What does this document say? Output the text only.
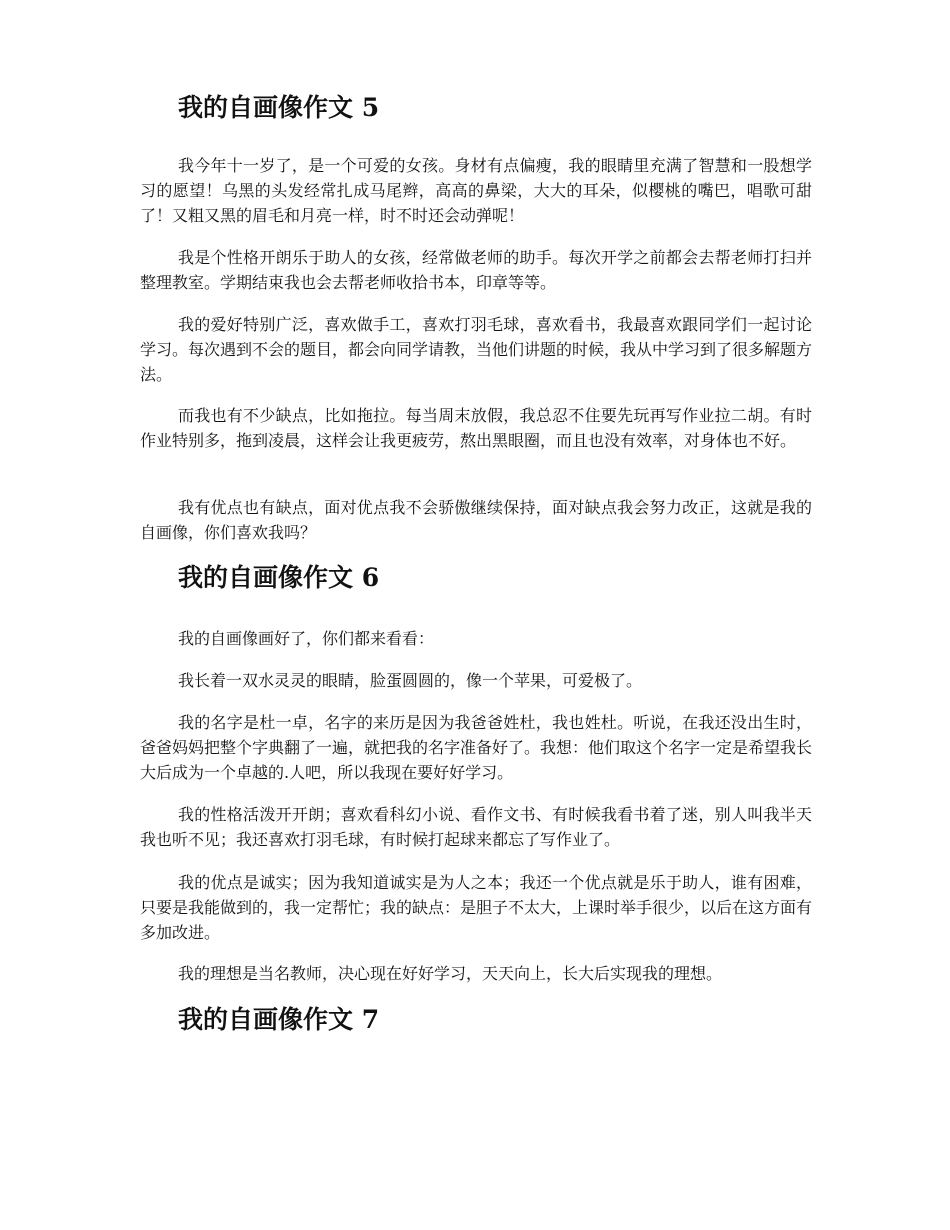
我的自画像作文 5

我今年十一岁了，是一个可爱的女孩。身材有点偏瘦，我的眼睛里充满了智慧和一股想学习的愿望！乌黑的头发经常扎成马尾辫，高高的鼻梁，大大的耳朵，似樱桃的嘴巴，唱歌可甜了！又粗又黑的眉毛和月亮一样，时不时还会动弹呢！

我是个性格开朗乐于助人的女孩，经常做老师的助手。每次开学之前都会去帮老师打扫并整理教室。学期结束我也会去帮老师收拾书本，印章等等。

我的爱好特别广泛，喜欢做手工，喜欢打羽毛球，喜欢看书，我最喜欢跟同学们一起讨论学习。每次遇到不会的题目，都会向同学请教，当他们讲题的时候，我从中学习到了很多解题方法。

而我也有不少缺点，比如拖拉。每当周末放假，我总忍不住要先玩再写作业拉二胡。有时作业特别多，拖到凌晨，这样会让我更疲劳，熬出黑眼圈，而且也没有效率，对身体也不好。

我有优点也有缺点，面对优点我不会骄傲继续保持，面对缺点我会努力改正，这就是我的自画像，你们喜欢我吗？

我的自画像作文 6

我的自画像画好了，你们都来看看：

我长着一双水灵灵的眼睛，脸蛋圆圆的，像一个苹果，可爱极了。

我的名字是杜一卓，名字的来历是因为我爸爸姓杜，我也姓杜。听说，在我还没出生时，爸爸妈妈把整个字典翻了一遍，就把我的名字准备好了。我想：他们取这个名字一定是希望我长大后成为一个卓越的.人吧，所以我现在要好好学习。

我的性格活泼开开朗；喜欢看科幻小说、看作文书、有时候我看书着了迷，别人叫我半天我也听不见；我还喜欢打羽毛球，有时候打起球来都忘了写作业了。

我的优点是诚实；因为我知道诚实是为人之本；我还一个优点就是乐于助人，谁有困难，只要是我能做到的，我一定帮忙；我的缺点：是胆子不太大，上课时举手很少，以后在这方面有多加改进。

我的理想是当名教师，决心现在好好学习，天天向上，长大后实现我的理想。

我的自画像作文 7
